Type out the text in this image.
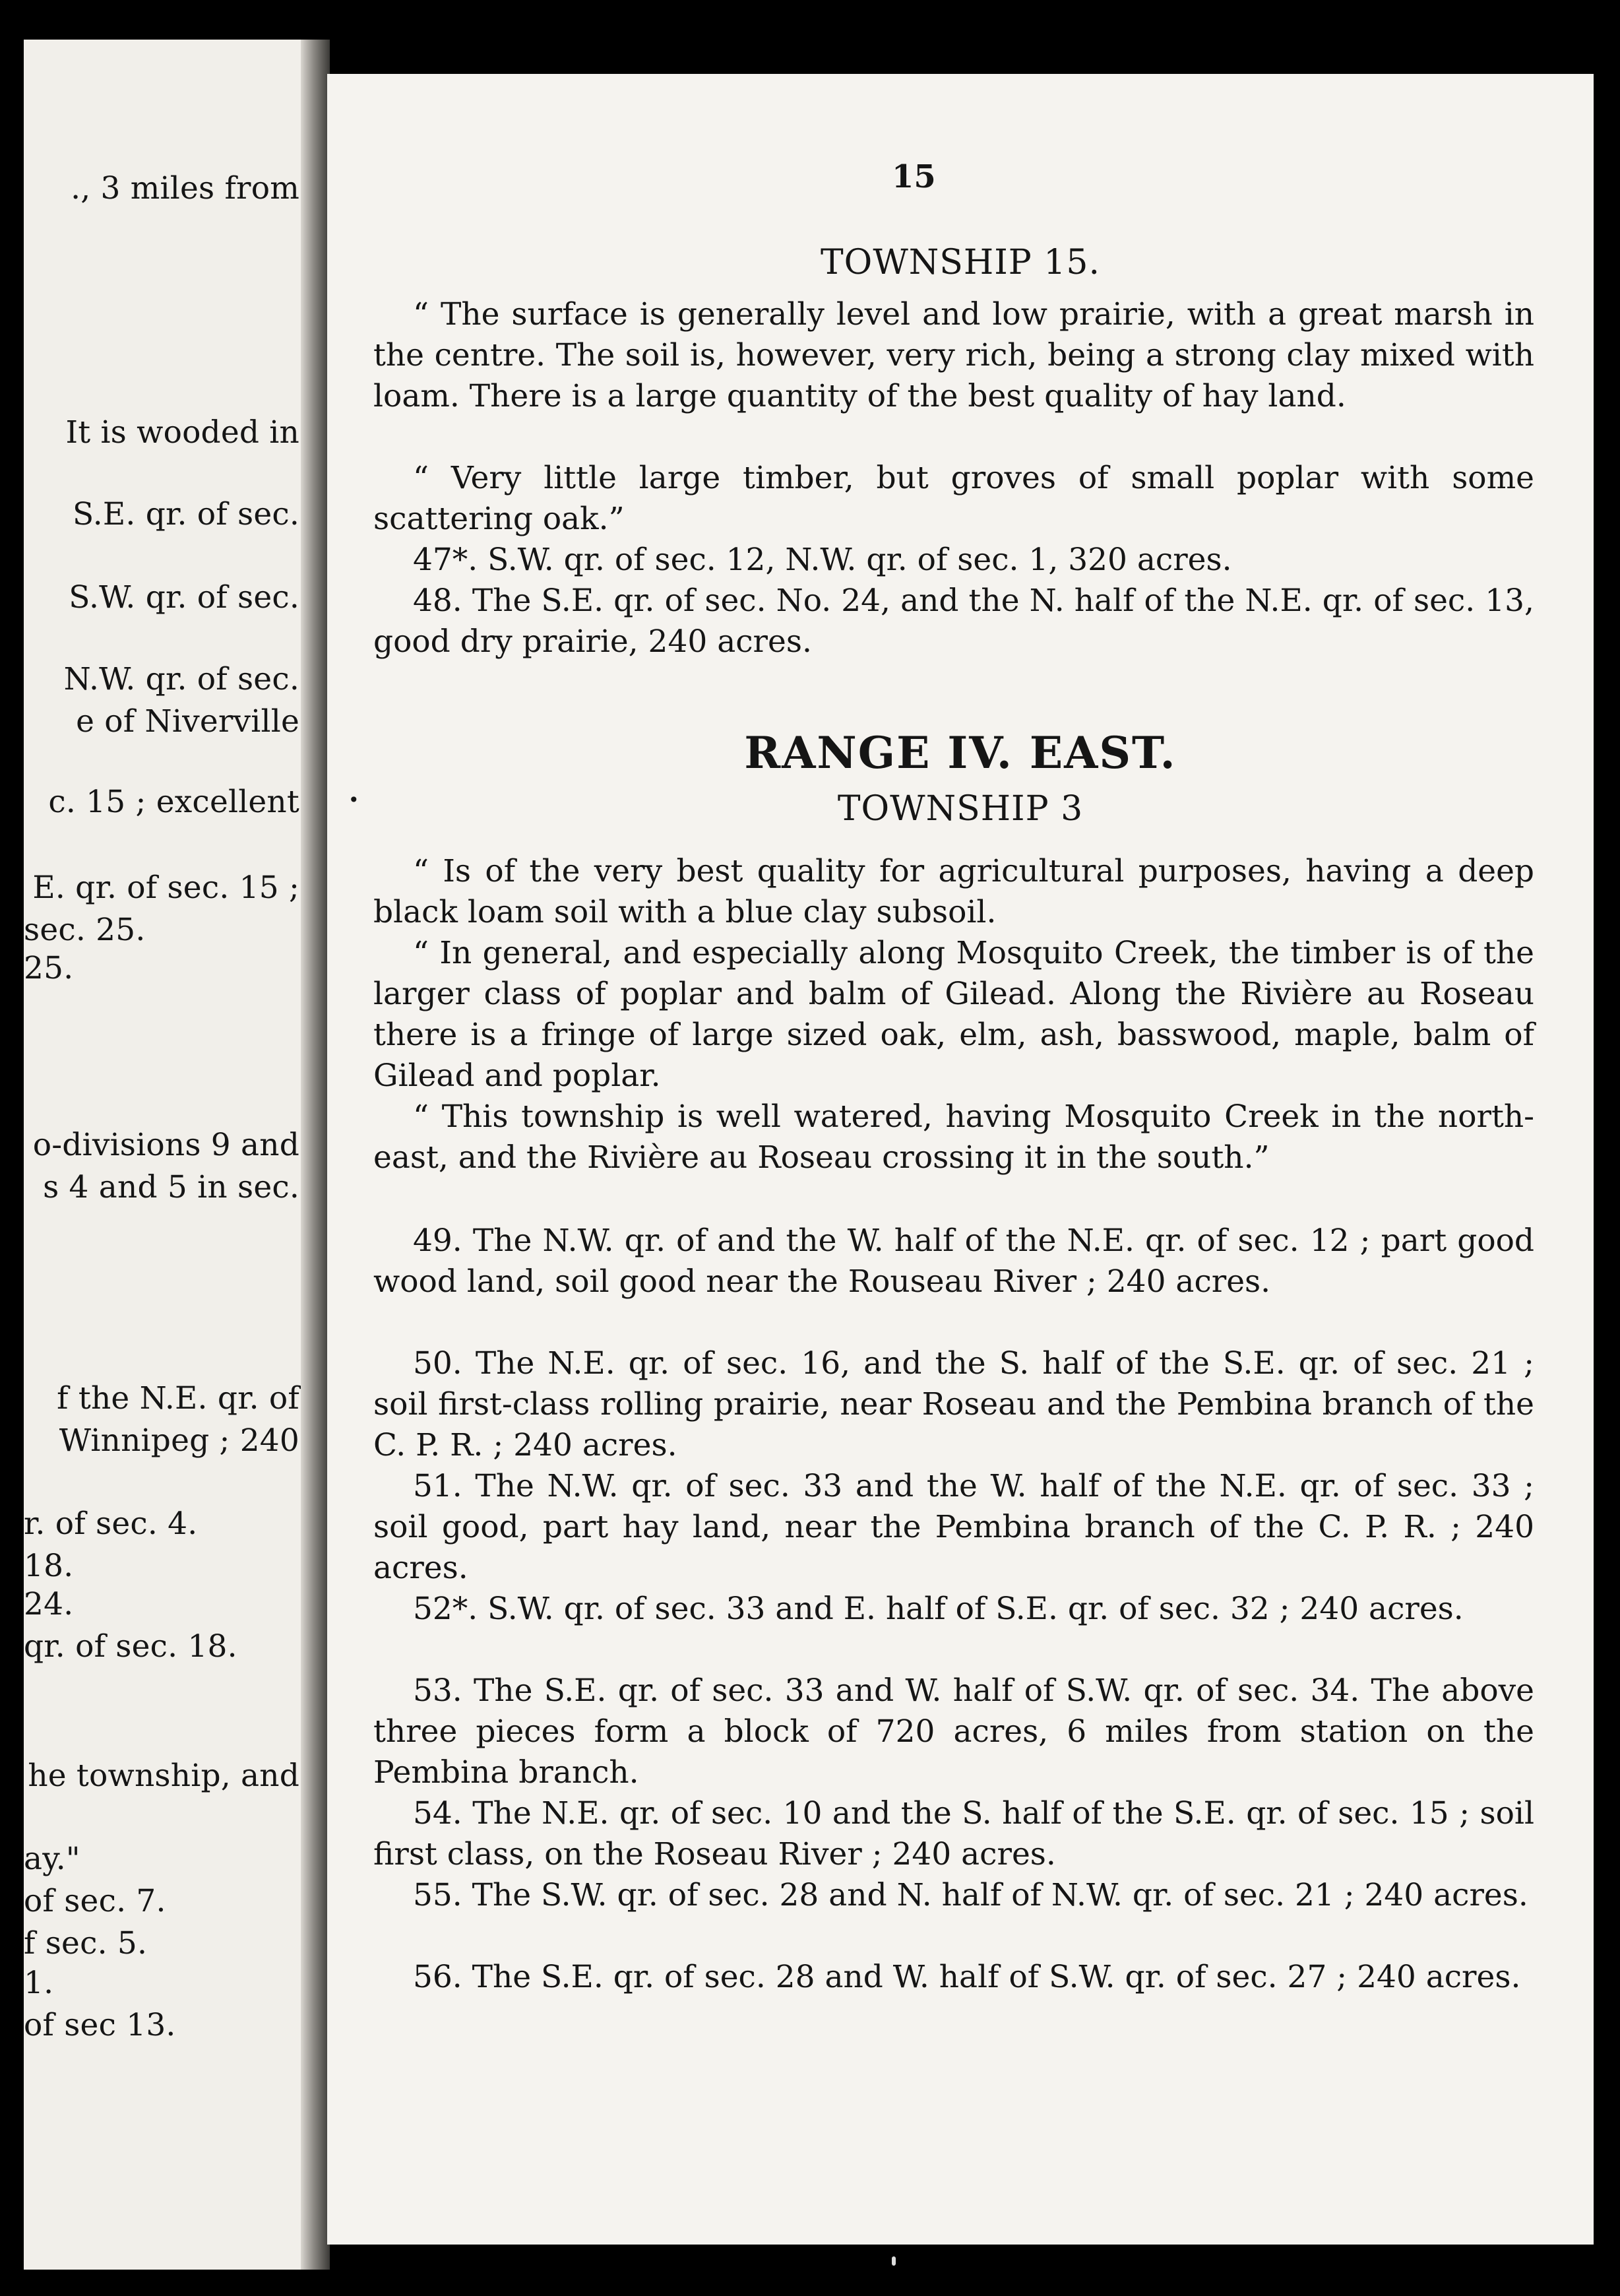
., 3 miles from
It is wooded in
S.E. qr. of sec.
S.W. qr. of sec.
N.W. qr. of sec.
e of Niverville
c. 15 ; excellent
E. qr. of sec. 15 ;
sec. 25.
25.
o-divisions 9 and
s 4 and 5 in sec.
f the N.E. qr. of
Winnipeg ; 240
r. of sec. 4.
18.
24.
qr. of sec. 18.
he township, and
ay."
of sec. 7.
f sec. 5.
1.
of sec 13.
15
TOWNSHIP 15.

“ The surface is generally level and low prairie, with a great marsh in the centre. The soil is, however, very rich, being a strong clay mixed with loam. There is a large quantity of the best quality of hay land.

“ Very little large timber, but groves of small poplar with some scattering oak.”

47*. S.W. qr. of sec. 12, N.W. qr. of sec. 1, 320 acres.

48. The S.E. qr. of sec. No. 24, and the N. half of the N.E. qr. of sec. 13, good dry prairie, 240 acres.

RANGE IV. EAST.
TOWNSHIP 3

“ Is of the very best quality for agricultural purposes, having a deep black loam soil with a blue clay subsoil.

“ In general, and especially along Mosquito Creek, the timber is of the larger class of poplar and balm of Gilead. Along the Rivière au Roseau there is a fringe of large sized oak, elm, ash, basswood, maple, balm of Gilead and poplar.

“ This township is well watered, having Mosquito Creek in the north-east, and the Rivière au Roseau crossing it in the south.”

49. The N.W. qr. of and the W. half of the N.E. qr. of sec. 12 ; part good wood land, soil good near the Rouseau River ; 240 acres.

50. The N.E. qr. of sec. 16, and the S. half of the S.E. qr. of sec. 21 ; soil first-class rolling prairie, near Roseau and the Pembina branch of the C. P. R. ; 240 acres.

51. The N.W. qr. of sec. 33 and the W. half of the N.E. qr. of sec. 33 ; soil good, part hay land, near the Pembina branch of the C. P. R. ; 240 acres.

52*. S.W. qr. of sec. 33 and E. half of S.E. qr. of sec. 32 ; 240 acres.

53. The S.E. qr. of sec. 33 and W. half of S.W. qr. of sec. 34. The above three pieces form a block of 720 acres, 6 miles from station on the Pembina branch.

54. The N.E. qr. of sec. 10 and the S. half of the S.E. qr. of sec. 15 ; soil first class, on the Roseau River ; 240 acres.

55. The S.W. qr. of sec. 28 and N. half of N.W. qr. of sec. 21 ; 240 acres.

56. The S.E. qr. of sec. 28 and W. half of S.W. qr. of sec. 27 ; 240 acres.

•
